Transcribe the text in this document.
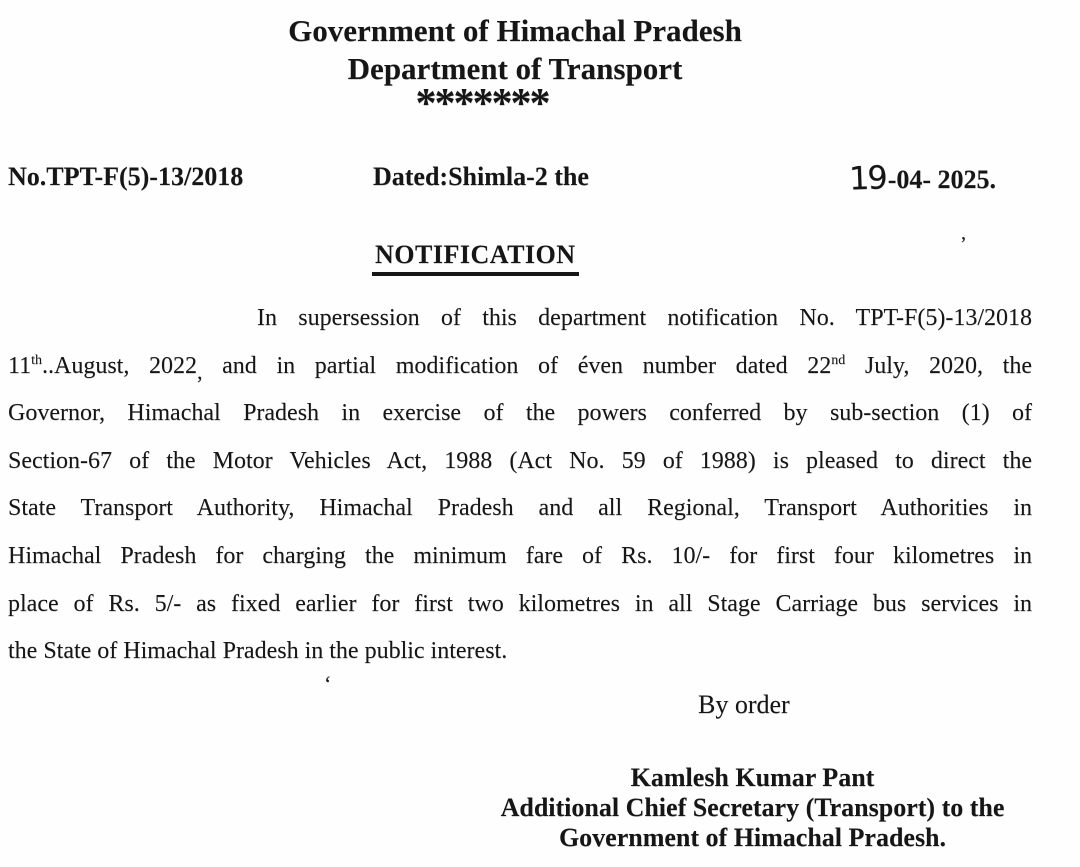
Government of Himachal Pradesh
Department of Transport
*******
No.TPT-F(5)-13/2018	Dated:Shimla-2 the	19-04- 2025.
’
NOTIFICATION
In supersession of this department notification No. TPT-F(5)-13/2018
11th..August, 2022, and in partial modification of éven number dated 22nd July, 2020, the
Governor, Himachal Pradesh in exercise of the powers conferred by sub-section (1) of
Section-67 of the Motor Vehicles Act, 1988 (Act No. 59 of 1988) is pleased to direct the
State Transport Authority, Himachal Pradesh and all Regional, Transport Authorities in
Himachal Pradesh for charging the minimum fare of Rs. 10/- for first four kilometres in
place of Rs. 5/- as fixed earlier for first two kilometres in all Stage Carriage bus services in
the State of Himachal Pradesh in the public interest.
‘
By order
Kamlesh Kumar Pant
Additional Chief Secretary (Transport) to the
Government of Himachal Pradesh.
